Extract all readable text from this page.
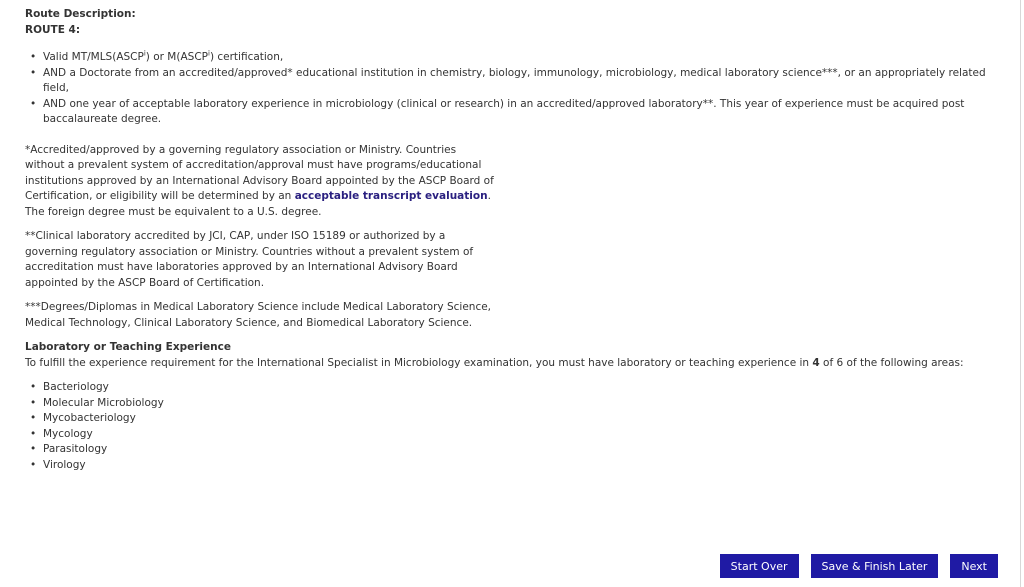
Route Description:

ROUTE 4:

• Valid MT/MLS(ASCP$^i$) or M(ASCP$^i$) certification,
• AND a Doctorate from an accredited/approved* educational institution in chemistry, biology, immunology, microbiology, medical laboratory science***, or an appropriately related field,
• AND one year of acceptable laboratory experience in microbiology (clinical or research) in an accredited/approved laboratory**. This year of experience must be acquired post baccalaureate degree.

*Accredited/approved by a governing regulatory association or Ministry. Countries
without a prevalent system of accreditation/approval must have programs/educational
institutions approved by an International Advisory Board appointed by the ASCP Board of
Certification, or eligibility will be determined by an acceptable transcript evaluation.
The foreign degree must be equivalent to a U.S. degree.

**Clinical laboratory accredited by JCI, CAP, under ISO 15189 or authorized by a
governing regulatory association or Ministry. Countries without a prevalent system of
accreditation must have laboratories approved by an International Advisory Board
appointed by the ASCP Board of Certification.

***Degrees/Diplomas in Medical Laboratory Science include Medical Laboratory Science,
Medical Technology, Clinical Laboratory Science, and Biomedical Laboratory Science.

Laboratory or Teaching Experience

To fulfill the experience requirement for the International Specialist in Microbiology examination, you must have laboratory or teaching experience in 4 of 6 of the following areas:

• Bacteriology
• Molecular Microbiology
• Mycobacteriology
• Mycology
• Parasitology
• Virology
Start Over	Save & Finish Later	Next
